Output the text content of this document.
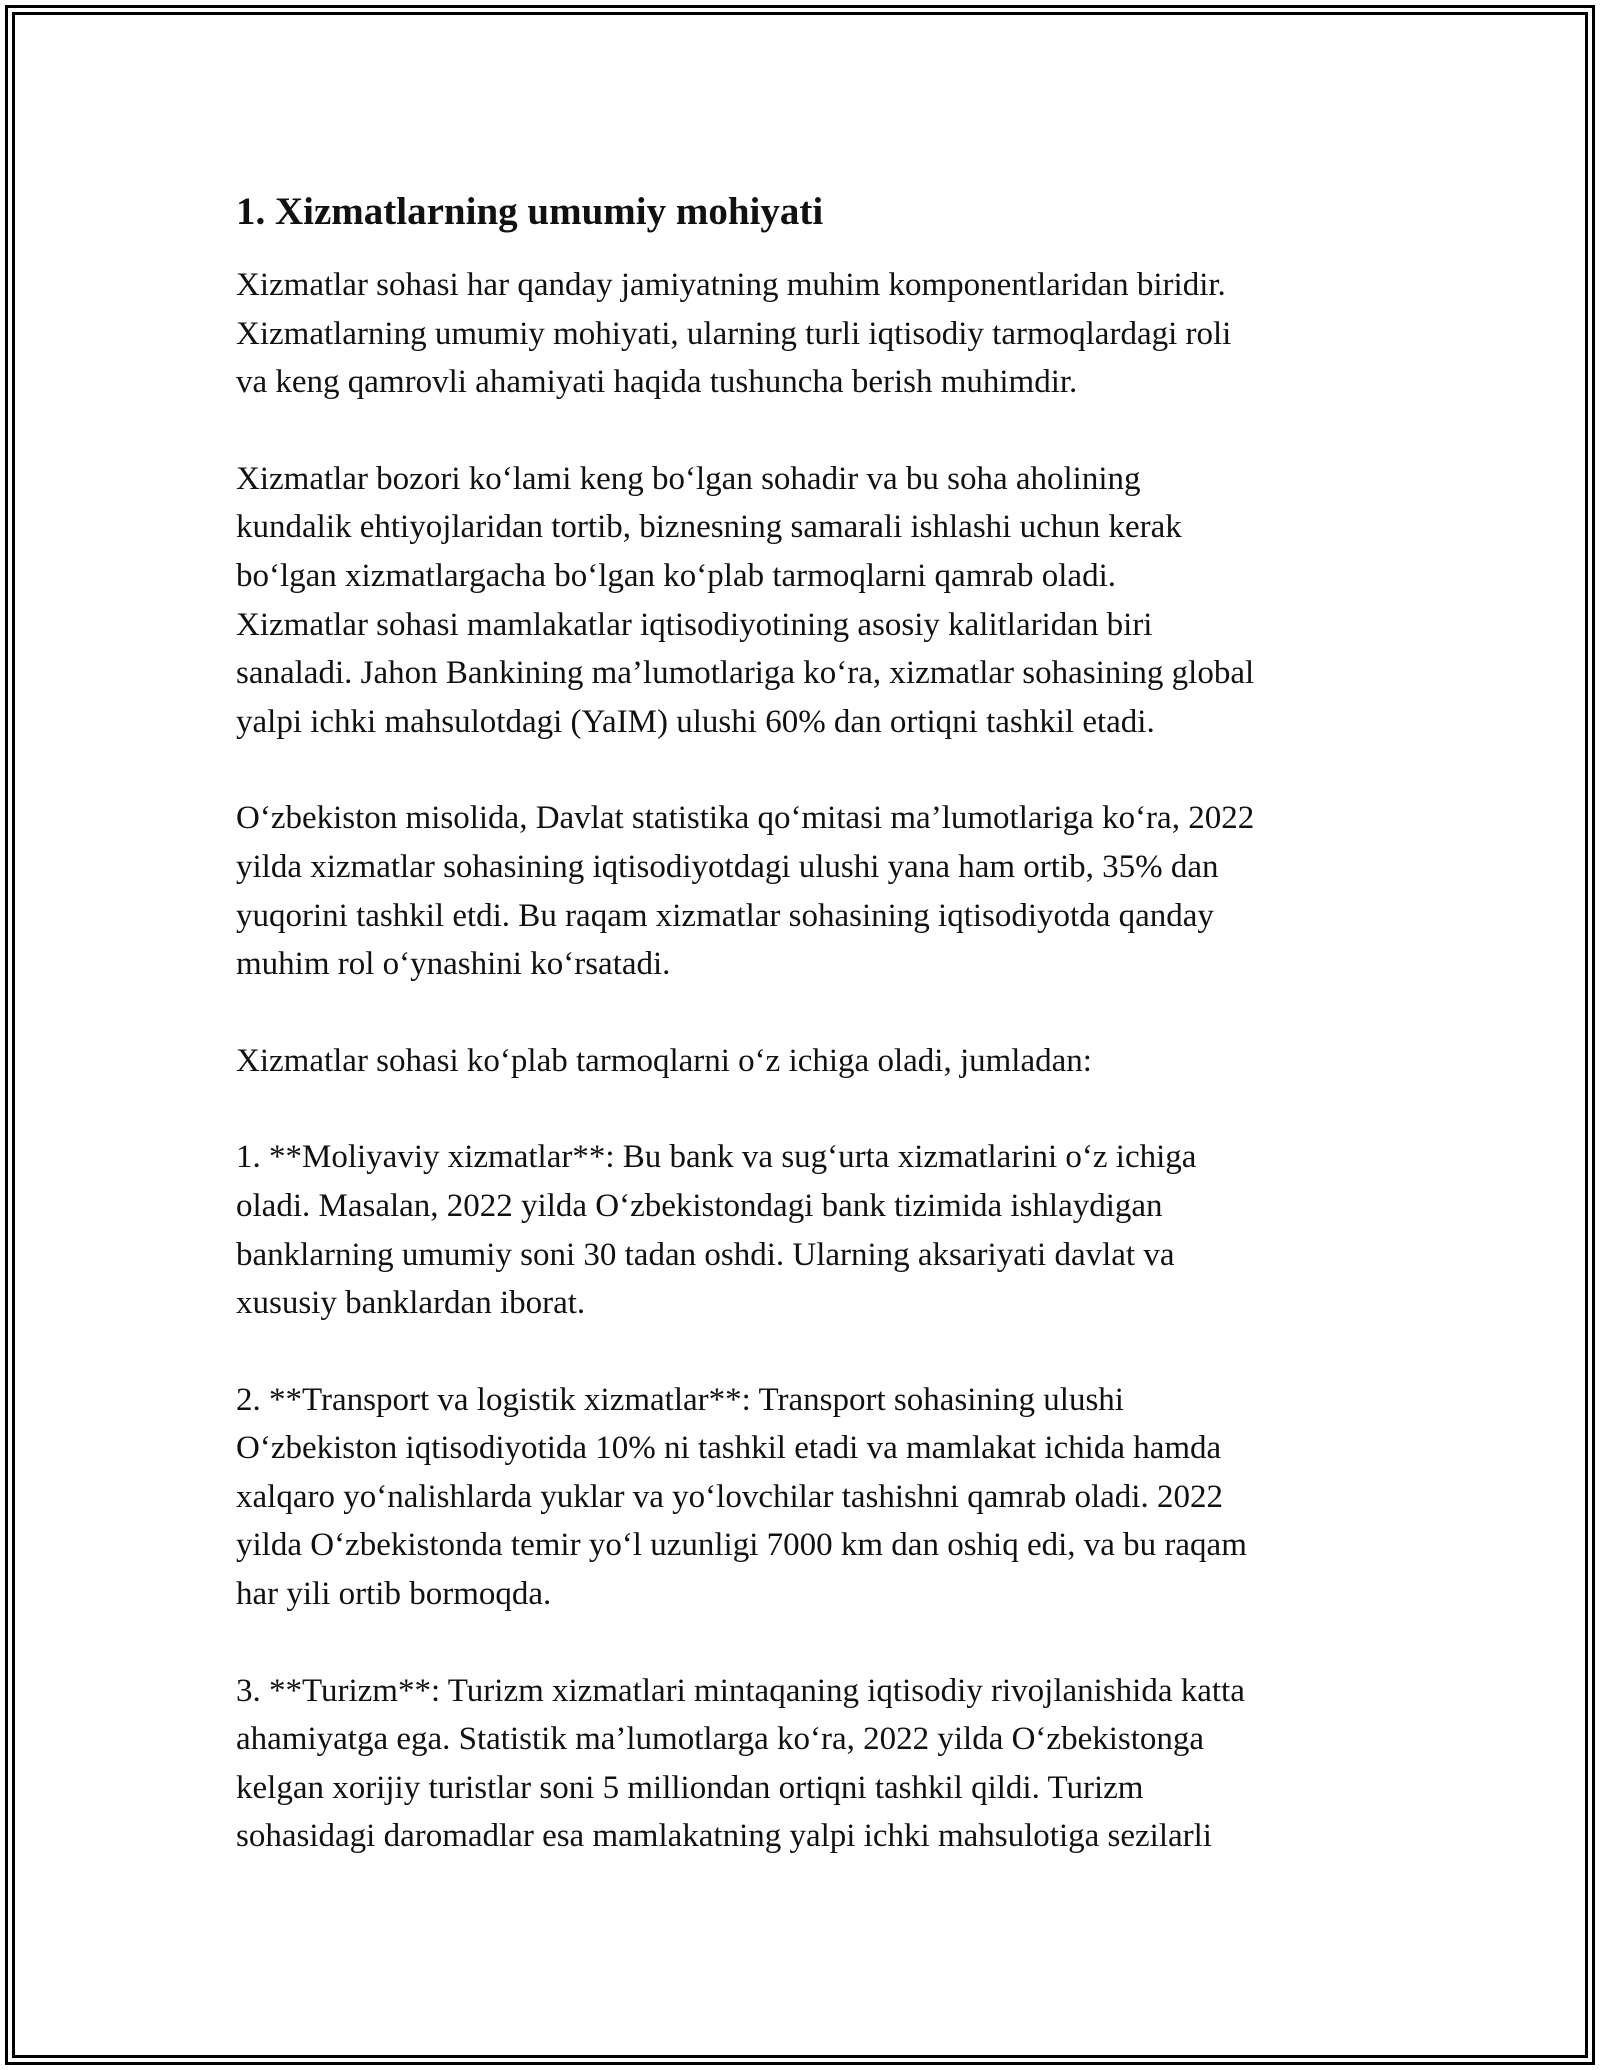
1. Xizmatlarning umumiy mohiyati

Xizmatlar sohasi har qanday jamiyatning muhim komponentlaridan biridir.
Xizmatlarning umumiy mohiyati, ularning turli iqtisodiy tarmoqlardagi roli
va keng qamrovli ahamiyati haqida tushuncha berish muhimdir.

Xizmatlar bozori ko‘lami keng bo‘lgan sohadir va bu soha aholining
kundalik ehtiyojlaridan tortib, biznesning samarali ishlashi uchun kerak
bo‘lgan xizmatlargacha bo‘lgan ko‘plab tarmoqlarni qamrab oladi.
Xizmatlar sohasi mamlakatlar iqtisodiyotining asosiy kalitlaridan biri
sanaladi. Jahon Bankining ma’lumotlariga ko‘ra, xizmatlar sohasining global
yalpi ichki mahsulotdagi (YaIM) ulushi 60% dan ortiqni tashkil etadi.

O‘zbekiston misolida, Davlat statistika qo‘mitasi ma’lumotlariga ko‘ra, 2022
yilda xizmatlar sohasining iqtisodiyotdagi ulushi yana ham ortib, 35% dan
yuqorini tashkil etdi. Bu raqam xizmatlar sohasining iqtisodiyotda qanday
muhim rol o‘ynashini ko‘rsatadi.

Xizmatlar sohasi ko‘plab tarmoqlarni o‘z ichiga oladi, jumladan:

1. **Moliyaviy xizmatlar**: Bu bank va sug‘urta xizmatlarini o‘z ichiga
oladi. Masalan, 2022 yilda O‘zbekistondagi bank tizimida ishlaydigan
banklarning umumiy soni 30 tadan oshdi. Ularning aksariyati davlat va
xususiy banklardan iborat.

2. **Transport va logistik xizmatlar**: Transport sohasining ulushi
O‘zbekiston iqtisodiyotida 10% ni tashkil etadi va mamlakat ichida hamda
xalqaro yo‘nalishlarda yuklar va yo‘lovchilar tashishni qamrab oladi. 2022
yilda O‘zbekistonda temir yo‘l uzunligi 7000 km dan oshiq edi, va bu raqam
har yili ortib bormoqda.

3. **Turizm**: Turizm xizmatlari mintaqaning iqtisodiy rivojlanishida katta
ahamiyatga ega. Statistik ma’lumotlarga ko‘ra, 2022 yilda O‘zbekistonga
kelgan xorijiy turistlar soni 5 milliondan ortiqni tashkil qildi. Turizm
sohasidagi daromadlar esa mamlakatning yalpi ichki mahsulotiga sezilarli
